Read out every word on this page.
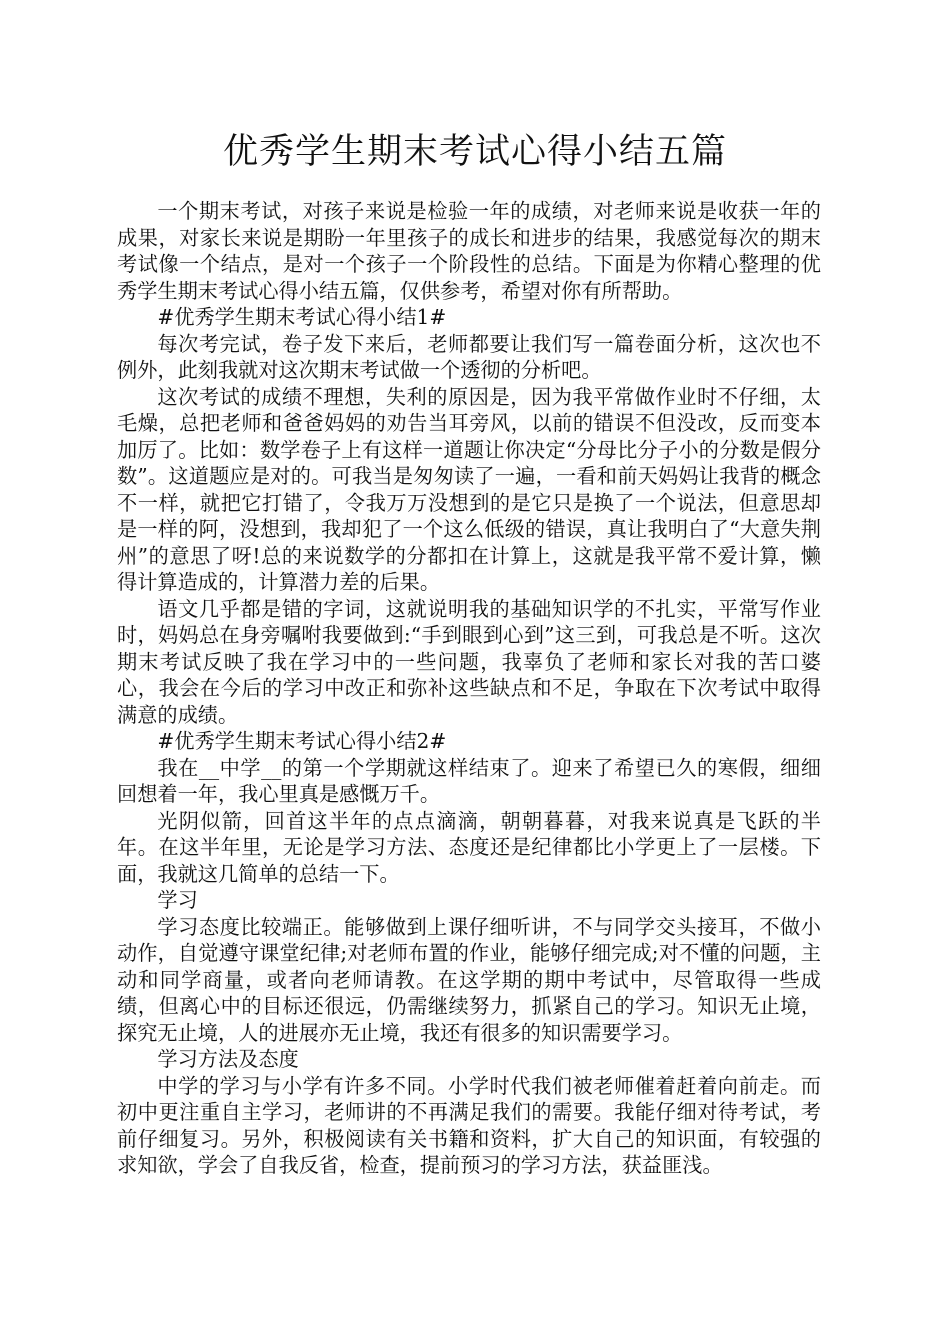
优秀学生期末考试心得小结五篇

一个期末考试，对孩子来说是检验一年的成绩，对老师来说是收获一年的成果，对家长来说是期盼一年里孩子的成长和进步的结果，我感觉每次的期末考试像一个结点，是对一个孩子一个阶段性的总结。下面是为你精心整理的优秀学生期末考试心得小结五篇，仅供参考，希望对你有所帮助。

#优秀学生期末考试心得小结1#

每次考完试，卷子发下来后，老师都要让我们写一篇卷面分析，这次也不例外，此刻我就对这次期末考试做一个透彻的分析吧。

这次考试的成绩不理想，失利的原因是，因为我平常做作业时不仔细，太毛燥，总把老师和爸爸妈妈的劝告当耳旁风，以前的错误不但没改，反而变本加厉了。比如：数学卷子上有这样一道题让你决定“分母比分子小的分数是假分数”。这道题应是对的。可我当是匆匆读了一遍，一看和前天妈妈让我背的概念不一样，就把它打错了，令我万万没想到的是它只是换了一个说法，但意思却是一样的阿，没想到，我却犯了一个这么低级的错误，真让我明白了“大意失荆州”的意思了呀!总的来说数学的分都扣在计算上，这就是我平常不爱计算，懒得计算造成的，计算潜力差的后果。

语文几乎都是错的字词，这就说明我的基础知识学的不扎实，平常写作业时，妈妈总在身旁嘱咐我要做到:“手到眼到心到”这三到，可我总是不听。这次期末考试反映了我在学习中的一些问题，我辜负了老师和家长对我的苦口婆心，我会在今后的学习中改正和弥补这些缺点和不足，争取在下次考试中取得满意的成绩。

#优秀学生期末考试心得小结2#

我在__中学__的第一个学期就这样结束了。迎来了希望已久的寒假，细细回想着一年，我心里真是感慨万千。

光阴似箭，回首这半年的点点滴滴，朝朝暮暮，对我来说真是飞跃的半年。在这半年里，无论是学习方法、态度还是纪律都比小学更上了一层楼。下面，我就这几简单的总结一下。

学习

学习态度比较端正。能够做到上课仔细听讲，不与同学交头接耳，不做小动作，自觉遵守课堂纪律;对老师布置的作业，能够仔细完成;对不懂的问题，主动和同学商量，或者向老师请教。在这学期的期中考试中，尽管取得一些成绩，但离心中的目标还很远，仍需继续努力，抓紧自己的学习。知识无止境，探究无止境，人的进展亦无止境，我还有很多的知识需要学习。

学习方法及态度

中学的学习与小学有许多不同。小学时代我们被老师催着赶着向前走。而初中更注重自主学习，老师讲的不再满足我们的需要。我能仔细对待考试，考前仔细复习。另外，积极阅读有关书籍和资料，扩大自己的知识面，有较强的求知欲，学会了自我反省，检查，提前预习的学习方法，获益匪浅。
